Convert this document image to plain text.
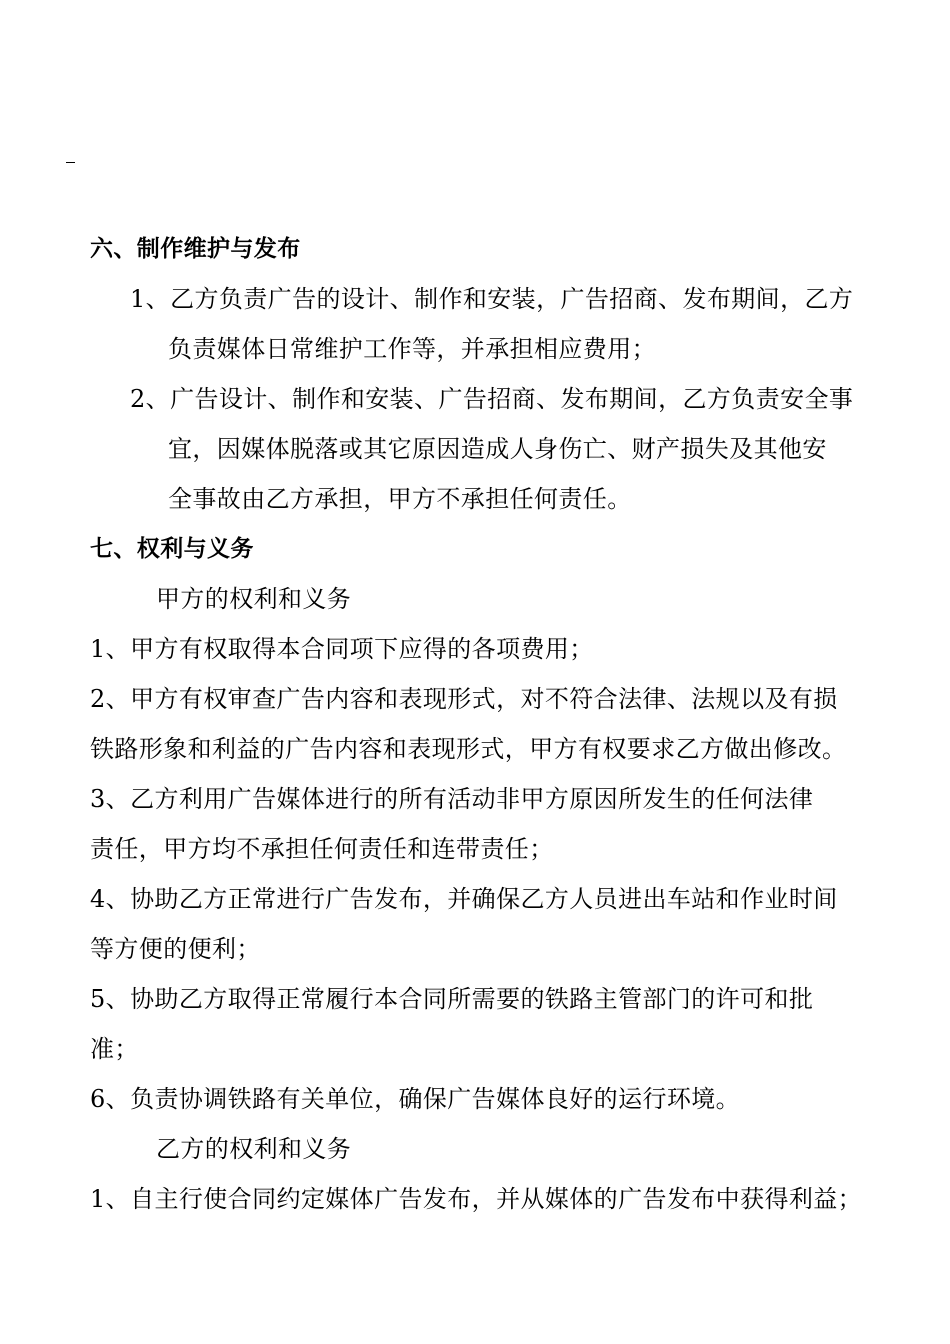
六、制作维护与发布
1、乙方负责广告的设计、制作和安装，广告招商、发布期间，乙方
负责媒体日常维护工作等，并承担相应费用；
2、广告设计、制作和安装、广告招商、发布期间，乙方负责安全事
宜，因媒体脱落或其它原因造成人身伤亡、财产损失及其他安
全事故由乙方承担，甲方不承担任何责任。
七、权利与义务
甲方的权利和义务
1、甲方有权取得本合同项下应得的各项费用；
2、甲方有权审查广告内容和表现形式，对不符合法律、法规以及有损
铁路形象和利益的广告内容和表现形式，甲方有权要求乙方做出修改。
3、乙方利用广告媒体进行的所有活动非甲方原因所发生的任何法律
责任，甲方均不承担任何责任和连带责任；
4、协助乙方正常进行广告发布，并确保乙方人员进出车站和作业时间
等方便的便利；
5、协助乙方取得正常履行本合同所需要的铁路主管部门的许可和批
准；
6、负责协调铁路有关单位，确保广告媒体良好的运行环境。
乙方的权利和义务
1、自主行使合同约定媒体广告发布，并从媒体的广告发布中获得利益；
